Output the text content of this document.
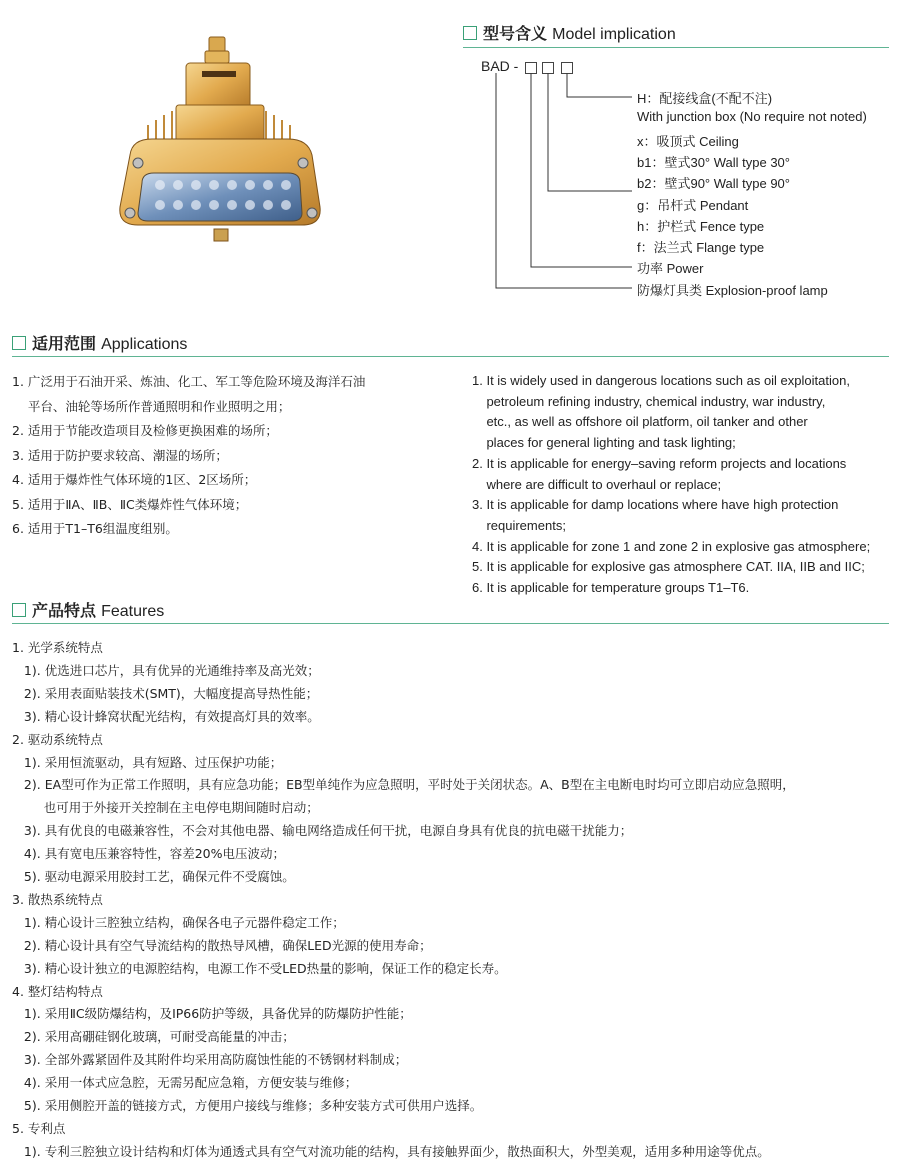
型号含义 Model implication
BAD -
H：配接线盒(不配不注)
With junction box (No require not noted)
x：吸顶式 Ceiling
b1：壁式30° Wall type 30°
b2：壁式90° Wall type 90°
g：吊杆式 Pendant
h：护栏式 Fence type
f：法兰式 Flange type
功率 Power
防爆灯具类 Explosion-proof lamp
适用范围 Applications
1. 广泛用于石油开采、炼油、化工、军工等危险环境及海洋石油
平台、油轮等场所作普通照明和作业照明之用；
2. 适用于节能改造项目及检修更换困难的场所；
3. 适用于防护要求较高、潮湿的场所；
4. 适用于爆炸性气体环境的1区、2区场所；
5. 适用于ⅡA、ⅡB、ⅡC类爆炸性气体环境；
6. 适用于T1–T6组温度组别。
1. It is widely used in dangerous locations such as oil exploitation,
petroleum refining industry, chemical industry, war industry,
etc., as well as offshore oil platform, oil tanker and other
places for general lighting and task lighting;
2. It is applicable for energy–saving reform projects and locations
where are difficult to overhaul or replace;
3. It is applicable for damp locations where have high protection
requirements;
4. It is applicable for zone 1 and zone 2 in explosive gas atmosphere;
5. It is applicable for explosive gas atmosphere CAT. IIA, IIB and IIC;
6. It is applicable for temperature groups T1–T6.
产品特点 Features
1. 光学系统特点
1). 优选进口芯片，具有优异的光通维持率及高光效；
2). 采用表面贴装技术(SMT)，大幅度提高导热性能；
3). 精心设计蜂窝状配光结构，有效提高灯具的效率。
2. 驱动系统特点
1). 采用恒流驱动，具有短路、过压保护功能；
2). EA型可作为正常工作照明，具有应急功能；EB型单纯作为应急照明，平时处于关闭状态。A、B型在主电断电时均可立即启动应急照明，
也可用于外接开关控制在主电停电期间随时启动；
3). 具有优良的电磁兼容性，不会对其他电器、输电网络造成任何干扰，电源自身具有优良的抗电磁干扰能力；
4). 具有宽电压兼容特性，容差20%电压波动；
5). 驱动电源采用胶封工艺，确保元件不受腐蚀。
3. 散热系统特点
1). 精心设计三腔独立结构，确保各电子元器件稳定工作；
2). 精心设计具有空气导流结构的散热导风槽，确保LED光源的使用寿命；
3). 精心设计独立的电源腔结构，电源工作不受LED热量的影响，保证工作的稳定长寿。
4. 整灯结构特点
1). 采用ⅡC级防爆结构，及IP66防护等级，具备优异的防爆防护性能；
2). 采用高硼硅钢化玻璃，可耐受高能量的冲击；
3). 全部外露紧固件及其附件均采用高防腐蚀性能的不锈钢材料制成；
4). 采用一体式应急腔，无需另配应急箱，方便安装与维修；
5). 采用侧腔开盖的链接方式，方便用户接线与维修；多种安装方式可供用户选择。
5. 专利点
1). 专利三腔独立设计结构和灯体为通透式具有空气对流功能的结构，具有接触界面少，散热面积大，外型美观，适用多种用途等优点。
